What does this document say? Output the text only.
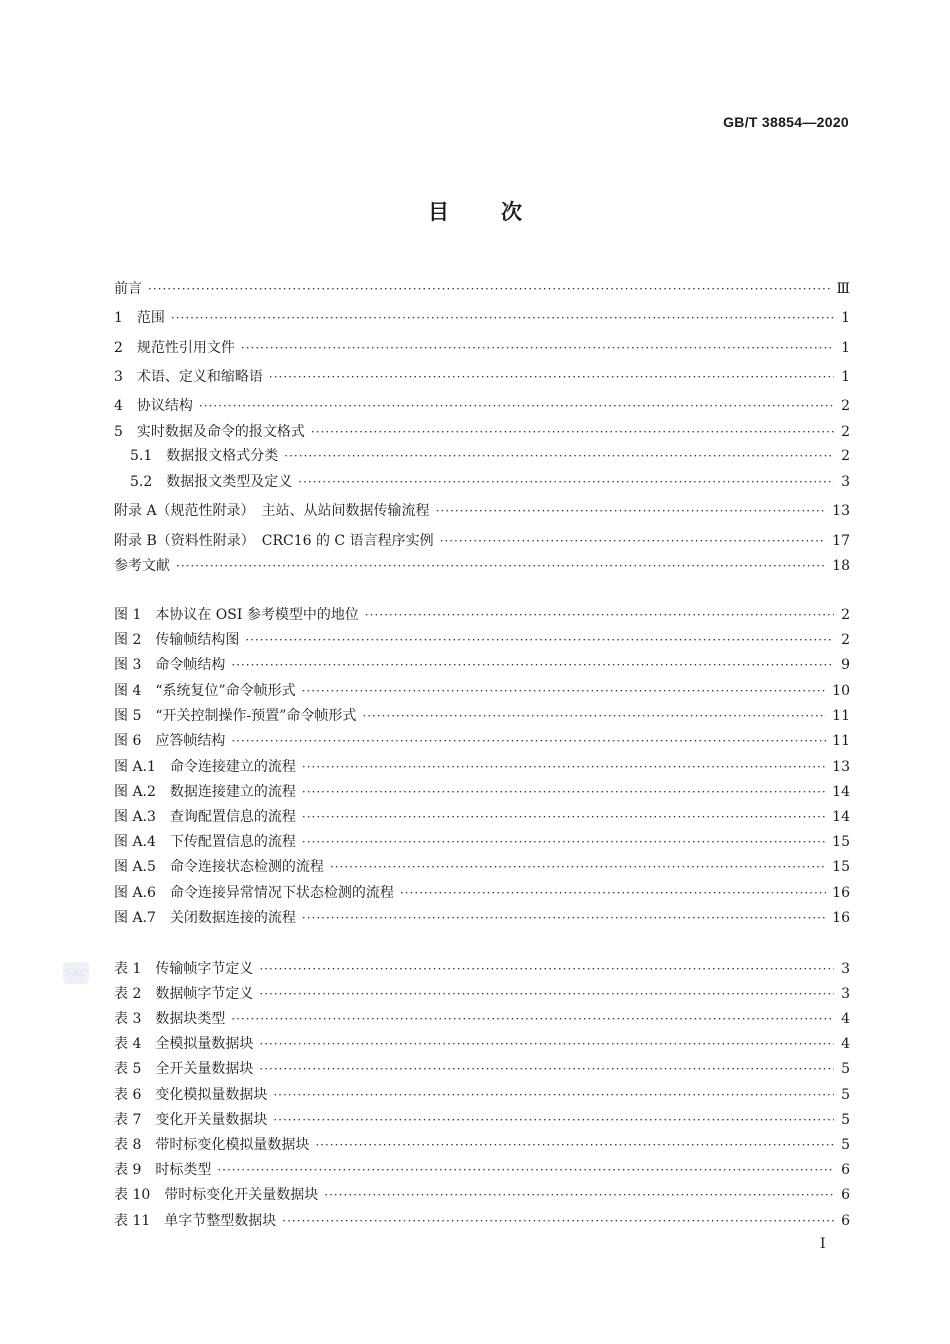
GB/T 38854—2020
目 次
SAC
前言 ·····	Ⅲ
1　范围 ·····	1
2　规范性引用文件 ·····	1
3　术语、定义和缩略语 ·····	1
4　协议结构 ·····	2
5　实时数据及命令的报文格式 ·····	2
5.1　数据报文格式分类 ·····	2
5.2　数据报文类型及定义 ·····	3
附录 A（规范性附录）　主站、从站间数据传输流程 ·····	13
附录 B（资料性附录）　CRC16 的 C 语言程序实例 ·····	17
参考文献 ·····	18
图 1　本协议在 OSI 参考模型中的地位 ·····	2
图 2　传输帧结构图 ·····	2
图 3　命令帧结构 ·····	9
图 4　“系统复位”命令帧形式 ·····	10
图 5　“开关控制操作-预置”命令帧形式 ·····	11
图 6　应答帧结构 ·····	11
图 A.1　命令连接建立的流程 ·····	13
图 A.2　数据连接建立的流程 ·····	14
图 A.3　查询配置信息的流程 ·····	14
图 A.4　下传配置信息的流程 ·····	15
图 A.5　命令连接状态检测的流程 ·····	15
图 A.6　命令连接异常情况下状态检测的流程 ·····	16
图 A.7　关闭数据连接的流程 ·····	16
表 1　传输帧字节定义 ·····	3
表 2　数据帧字节定义 ·····	3
表 3　数据块类型 ·····	4
表 4　全模拟量数据块 ·····	4
表 5　全开关量数据块 ·····	5
表 6　变化模拟量数据块 ·····	5
表 7　变化开关量数据块 ·····	5
表 8　带时标变化模拟量数据块 ·····	5
表 9　时标类型 ·····	6
表 10　带时标变化开关量数据块 ·····	6
表 11　单字节整型数据块 ·····	6
I
